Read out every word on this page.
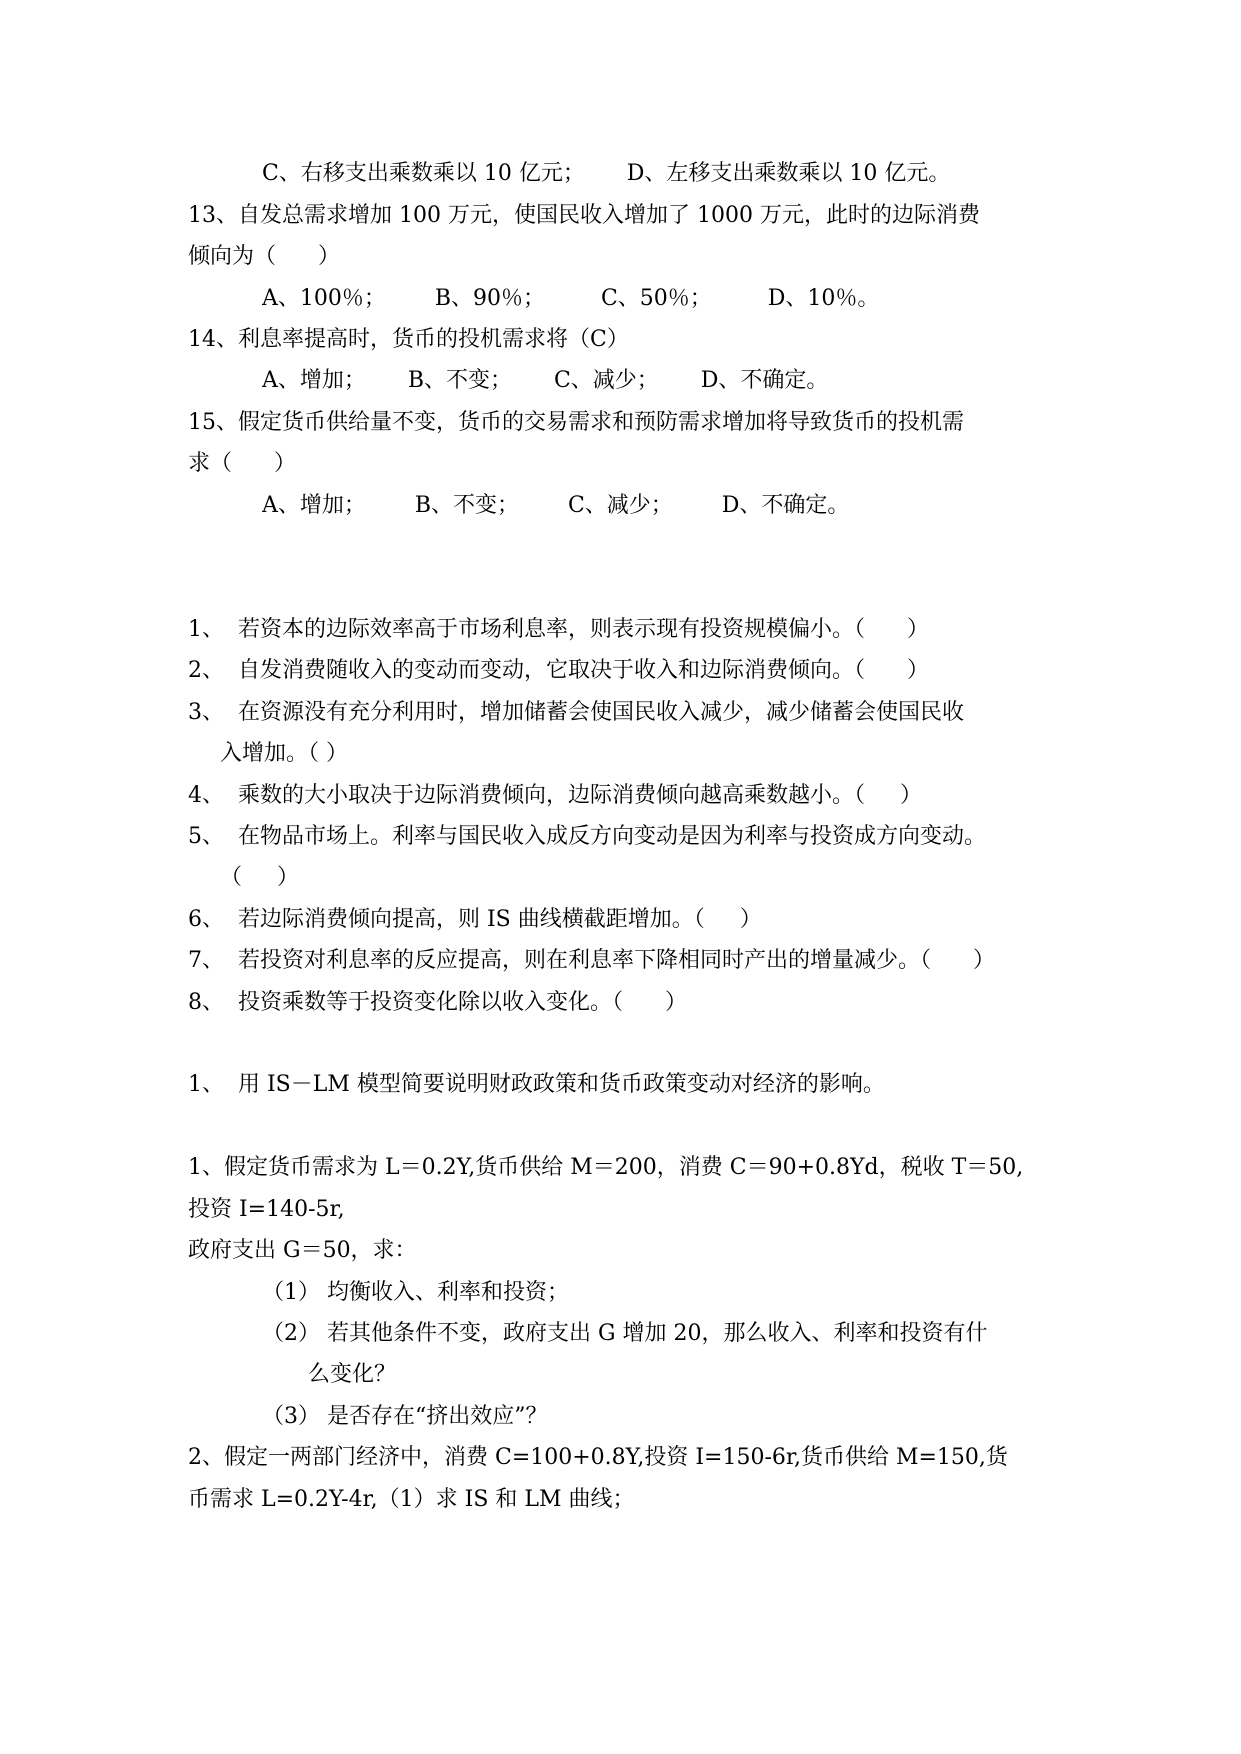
C、右移支出乘数乘以 10 亿元；      D、左移支出乘数乘以 10 亿元。
13、自发总需求增加 100 万元，使国民收入增加了 1000 万元，此时的边际消费
倾向为（      ）
A、100％；       B、90％；        C、50％；        D、10％。
14、利息率提高时，货币的投机需求将（C）
A、增加；      B、不变；      C、减少；      D、不确定。
15、假定货币供给量不变，货币的交易需求和预防需求增加将导致货币的投机需
求（      ）
A、增加；       B、不变；       C、减少；       D、不确定。

1、  若资本的边际效率高于市场利息率，则表示现有投资规模偏小。（      ）
2、  自发消费随收入的变动而变动，它取决于收入和边际消费倾向。（      ）
3、  在资源没有充分利用时，增加储蓄会使国民收入减少，减少储蓄会使国民收
入增加。（ ）
4、  乘数的大小取决于边际消费倾向，边际消费倾向越高乘数越小。（     ）
5、  在物品市场上。利率与国民收入成反方向变动是因为利率与投资成方向变动。
（     ）
6、  若边际消费倾向提高，则 IS 曲线横截距增加。（     ）
7、  若投资对利息率的反应提高，则在利息率下降相同时产出的增量减少。（      ）
8、  投资乘数等于投资变化除以收入变化。（      ）

1、  用 IS－LM 模型简要说明财政政策和货币政策变动对经济的影响。

1、假定货币需求为 L＝0.2Y,货币供给 M＝200，消费 C＝90+0.8Yd，税收 T＝50,
投资 I=140-5r,
政府支出 G＝50，求：
（1） 均衡收入、利率和投资；
（2） 若其他条件不变，政府支出 G 增加 20，那么收入、利率和投资有什
么变化？
（3） 是否存在“挤出效应”？
2、假定一两部门经济中，消费 C=100+0.8Y,投资 I=150-6r,货币供给 M=150,货
币需求 L=0.2Y-4r,（1）求 IS 和 LM 曲线；
